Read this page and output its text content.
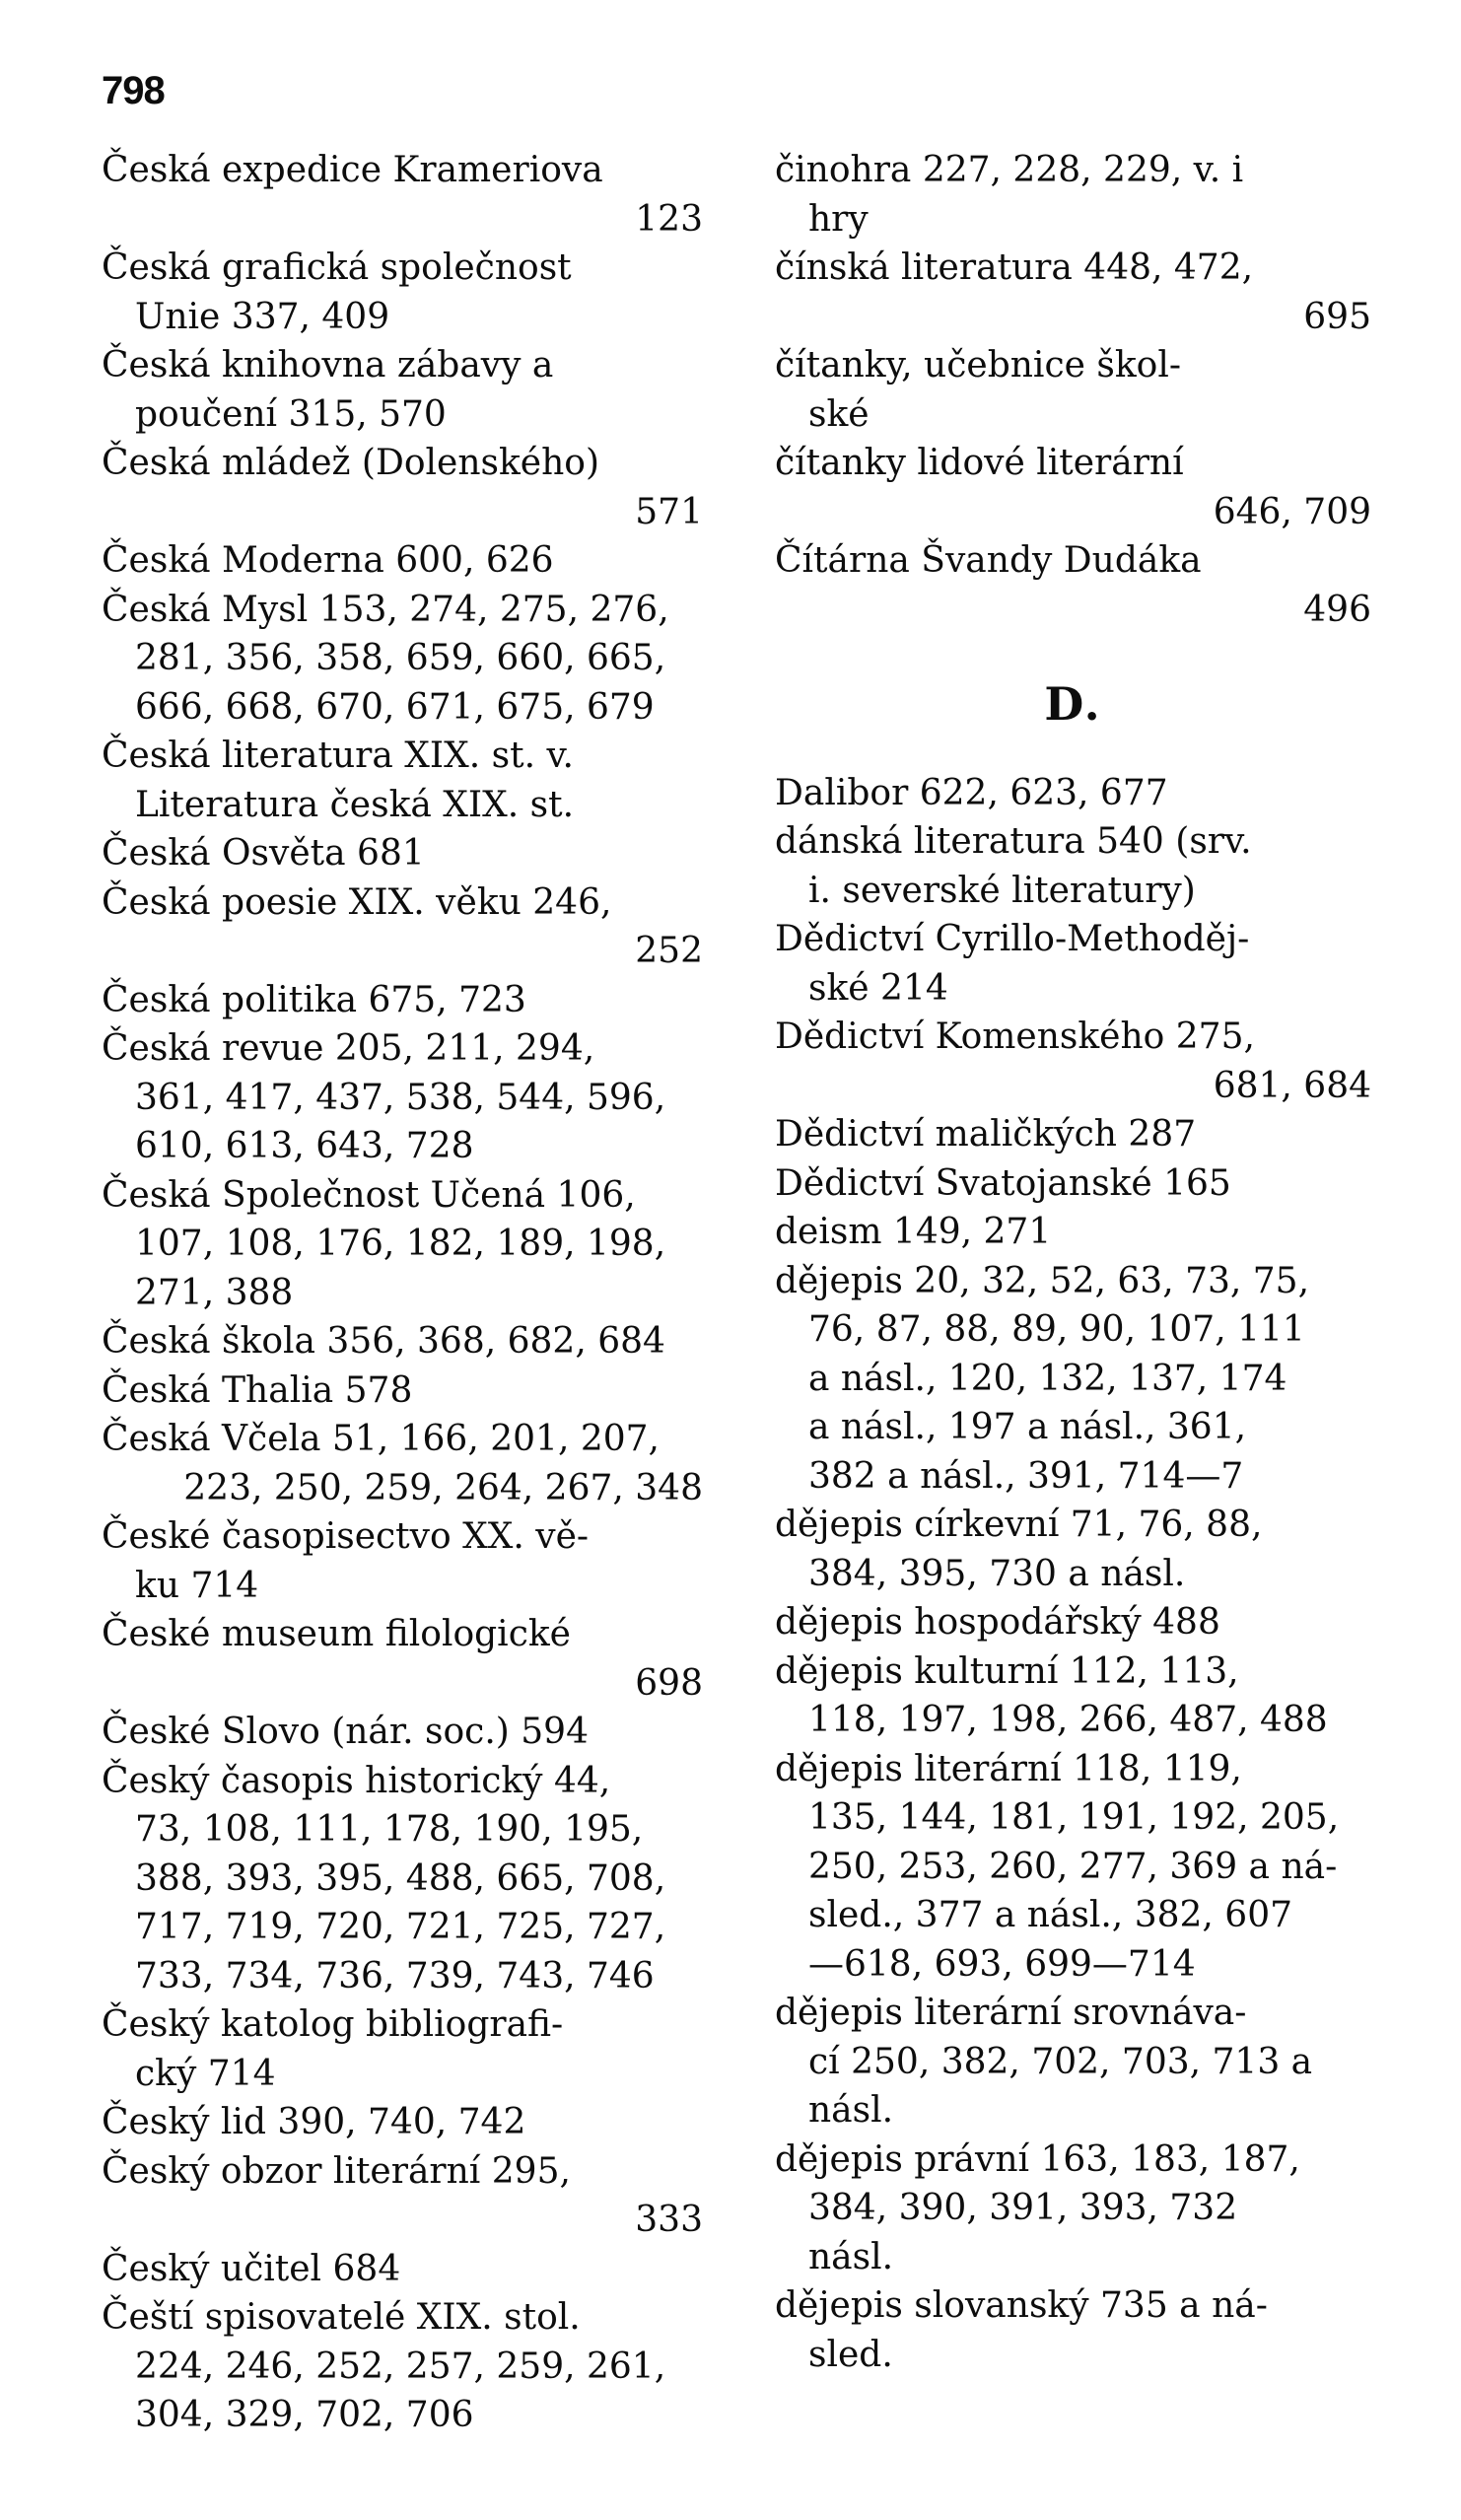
798
Česká expedice Krameriova
123
Česká grafická společnost
Unie 337, 409
Česká knihovna zábavy a
poučení 315, 570
Česká mládež (Dolenského)
571
Česká Moderna 600, 626
Česká Mysl 153, 274, 275, 276,
281, 356, 358, 659, 660, 665,
666, 668, 670, 671, 675, 679
Česká literatura XIX. st. v.
Literatura česká XIX. st.
Česká Osvěta 681
Česká poesie XIX. věku 246,
252
Česká politika 675, 723
Česká revue 205, 211, 294,
361, 417, 437, 538, 544, 596,
610, 613, 643, 728
Česká Společnost Učená 106,
107, 108, 176, 182, 189, 198,
271, 388
Česká škola 356, 368, 682, 684
Česká Thalia 578
Česká Včela 51, 166, 201, 207,
223, 250, 259, 264, 267, 348
České časopisectvo XX. vě-
ku 714
České museum filologické
698
České Slovo (nár. soc.) 594
Český časopis historický 44,
73, 108, 111, 178, 190, 195,
388, 393, 395, 488, 665, 708,
717, 719, 720, 721, 725, 727,
733, 734, 736, 739, 743, 746
Český katolog bibliografi-
cký 714
Český lid 390, 740, 742
Český obzor literární 295,
333
Český učitel 684
Čeští spisovatelé XIX. stol.
224, 246, 252, 257, 259, 261,
304, 329, 702, 706
činohra 227, 228, 229, v. i
hry
čínská literatura 448, 472,
695
čítanky, učebnice škol-
ské
čítanky lidové literární
646, 709
Čítárna Švandy Dudáka
496
D.
Dalibor 622, 623, 677
dánská literatura 540 (srv.
i. severské literatury)
Dědictví Cyrillo-Methoděj-
ské 214
Dědictví Komenského 275,
681, 684
Dědictví maličkých 287
Dědictví Svatojanské 165
deism 149, 271
dějepis 20, 32, 52, 63, 73, 75,
76, 87, 88, 89, 90, 107, 111
a násl., 120, 132, 137, 174
a násl., 197 a násl., 361,
382 a násl., 391, 714—7
dějepis církevní 71, 76, 88,
384, 395, 730 a násl.
dějepis hospodářský 488
dějepis kulturní 112, 113,
118, 197, 198, 266, 487, 488
dějepis literární 118, 119,
135, 144, 181, 191, 192, 205,
250, 253, 260, 277, 369 a ná-
sled., 377 a násl., 382, 607
—618, 693, 699—714
dějepis literární srovnáva-
cí 250, 382, 702, 703, 713 a
násl.
dějepis právní 163, 183, 187,
384, 390, 391, 393, 732
násl.
dějepis slovanský 735 a ná-
sled.
